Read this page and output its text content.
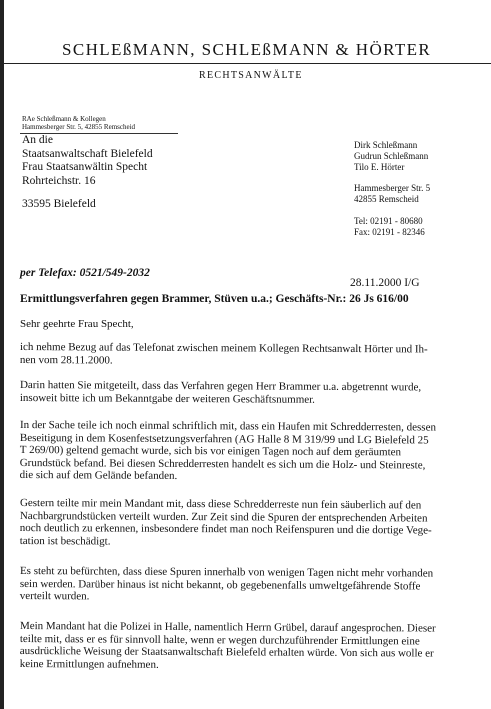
SCHLEßMANN, SCHLEßMANN & HÖRTER
RECHTSANWÄLTE
RAe Schleßmann & Kollegen
Hammesberger Str. 5, 42855 Remscheid
An die
Staatsanwaltschaft Bielefeld
Frau Staatsanwältin Specht
Rohrteichstr. 16
33595 Bielefeld
Dirk Schleßmann
Gudrun Schleßmann
Tilo E. Hörter
Hammesberger Str. 5
42855 Remscheid
Tel: 02191 - 80680
Fax: 02191 - 82346
per Telefax: 0521/549-2032
28.11.2000 I/G
Ermittlungsverfahren gegen Brammer, Stüven u.a.; Geschäfts-Nr.: 26 Js 616/00
Sehr geehrte Frau Specht,

ich nehme Bezug auf das Telefonat zwischen meinem Kollegen Rechtsanwalt Hörter und Ih-

nen vom 28.11.2000.

Darin hatten Sie mitgeteilt, dass das Verfahren gegen Herr Brammer u.a. abgetrennt wurde,

insoweit bitte ich um Bekanntgabe der weiteren Geschäftsnummer.

In der Sache teile ich noch einmal schriftlich mit, dass ein Haufen mit Schredderresten, dessen

Beseitigung in dem Kosenfestsetzungsverfahren (AG Halle 8 M 319/99 und LG Bielefeld 25

T 269/00) geltend gemacht wurde, sich bis vor einigen Tagen noch auf dem geräumten

Grundstück befand. Bei diesen Schredderresten handelt es sich um die Holz- und Steinreste,

die sich auf dem Gelände befanden.

Gestern teilte mir mein Mandant mit, dass diese Schredderreste nun fein säuberlich auf den

Nachbargrundstücken verteilt wurden. Zur Zeit sind die Spuren der entsprechenden Arbeiten

noch deutlich zu erkennen, insbesondere findet man noch Reifenspuren und die dortige Vege-

tation ist beschädigt.

Es steht zu befürchten, dass diese Spuren innerhalb von wenigen Tagen nicht mehr vorhanden

sein werden. Darüber hinaus ist nicht bekannt, ob gegebenenfalls umweltgefährende Stoffe

verteilt wurden.

Mein Mandant hat die Polizei in Halle, namentlich Herrn Grübel, darauf angesprochen. Dieser

teilte mit, dass er es für sinnvoll halte, wenn er wegen durchzuführender Ermittlungen eine

ausdrückliche Weisung der Staatsanwaltschaft Bielefeld erhalten würde. Von sich aus wolle er

keine Ermittlungen aufnehmen.
